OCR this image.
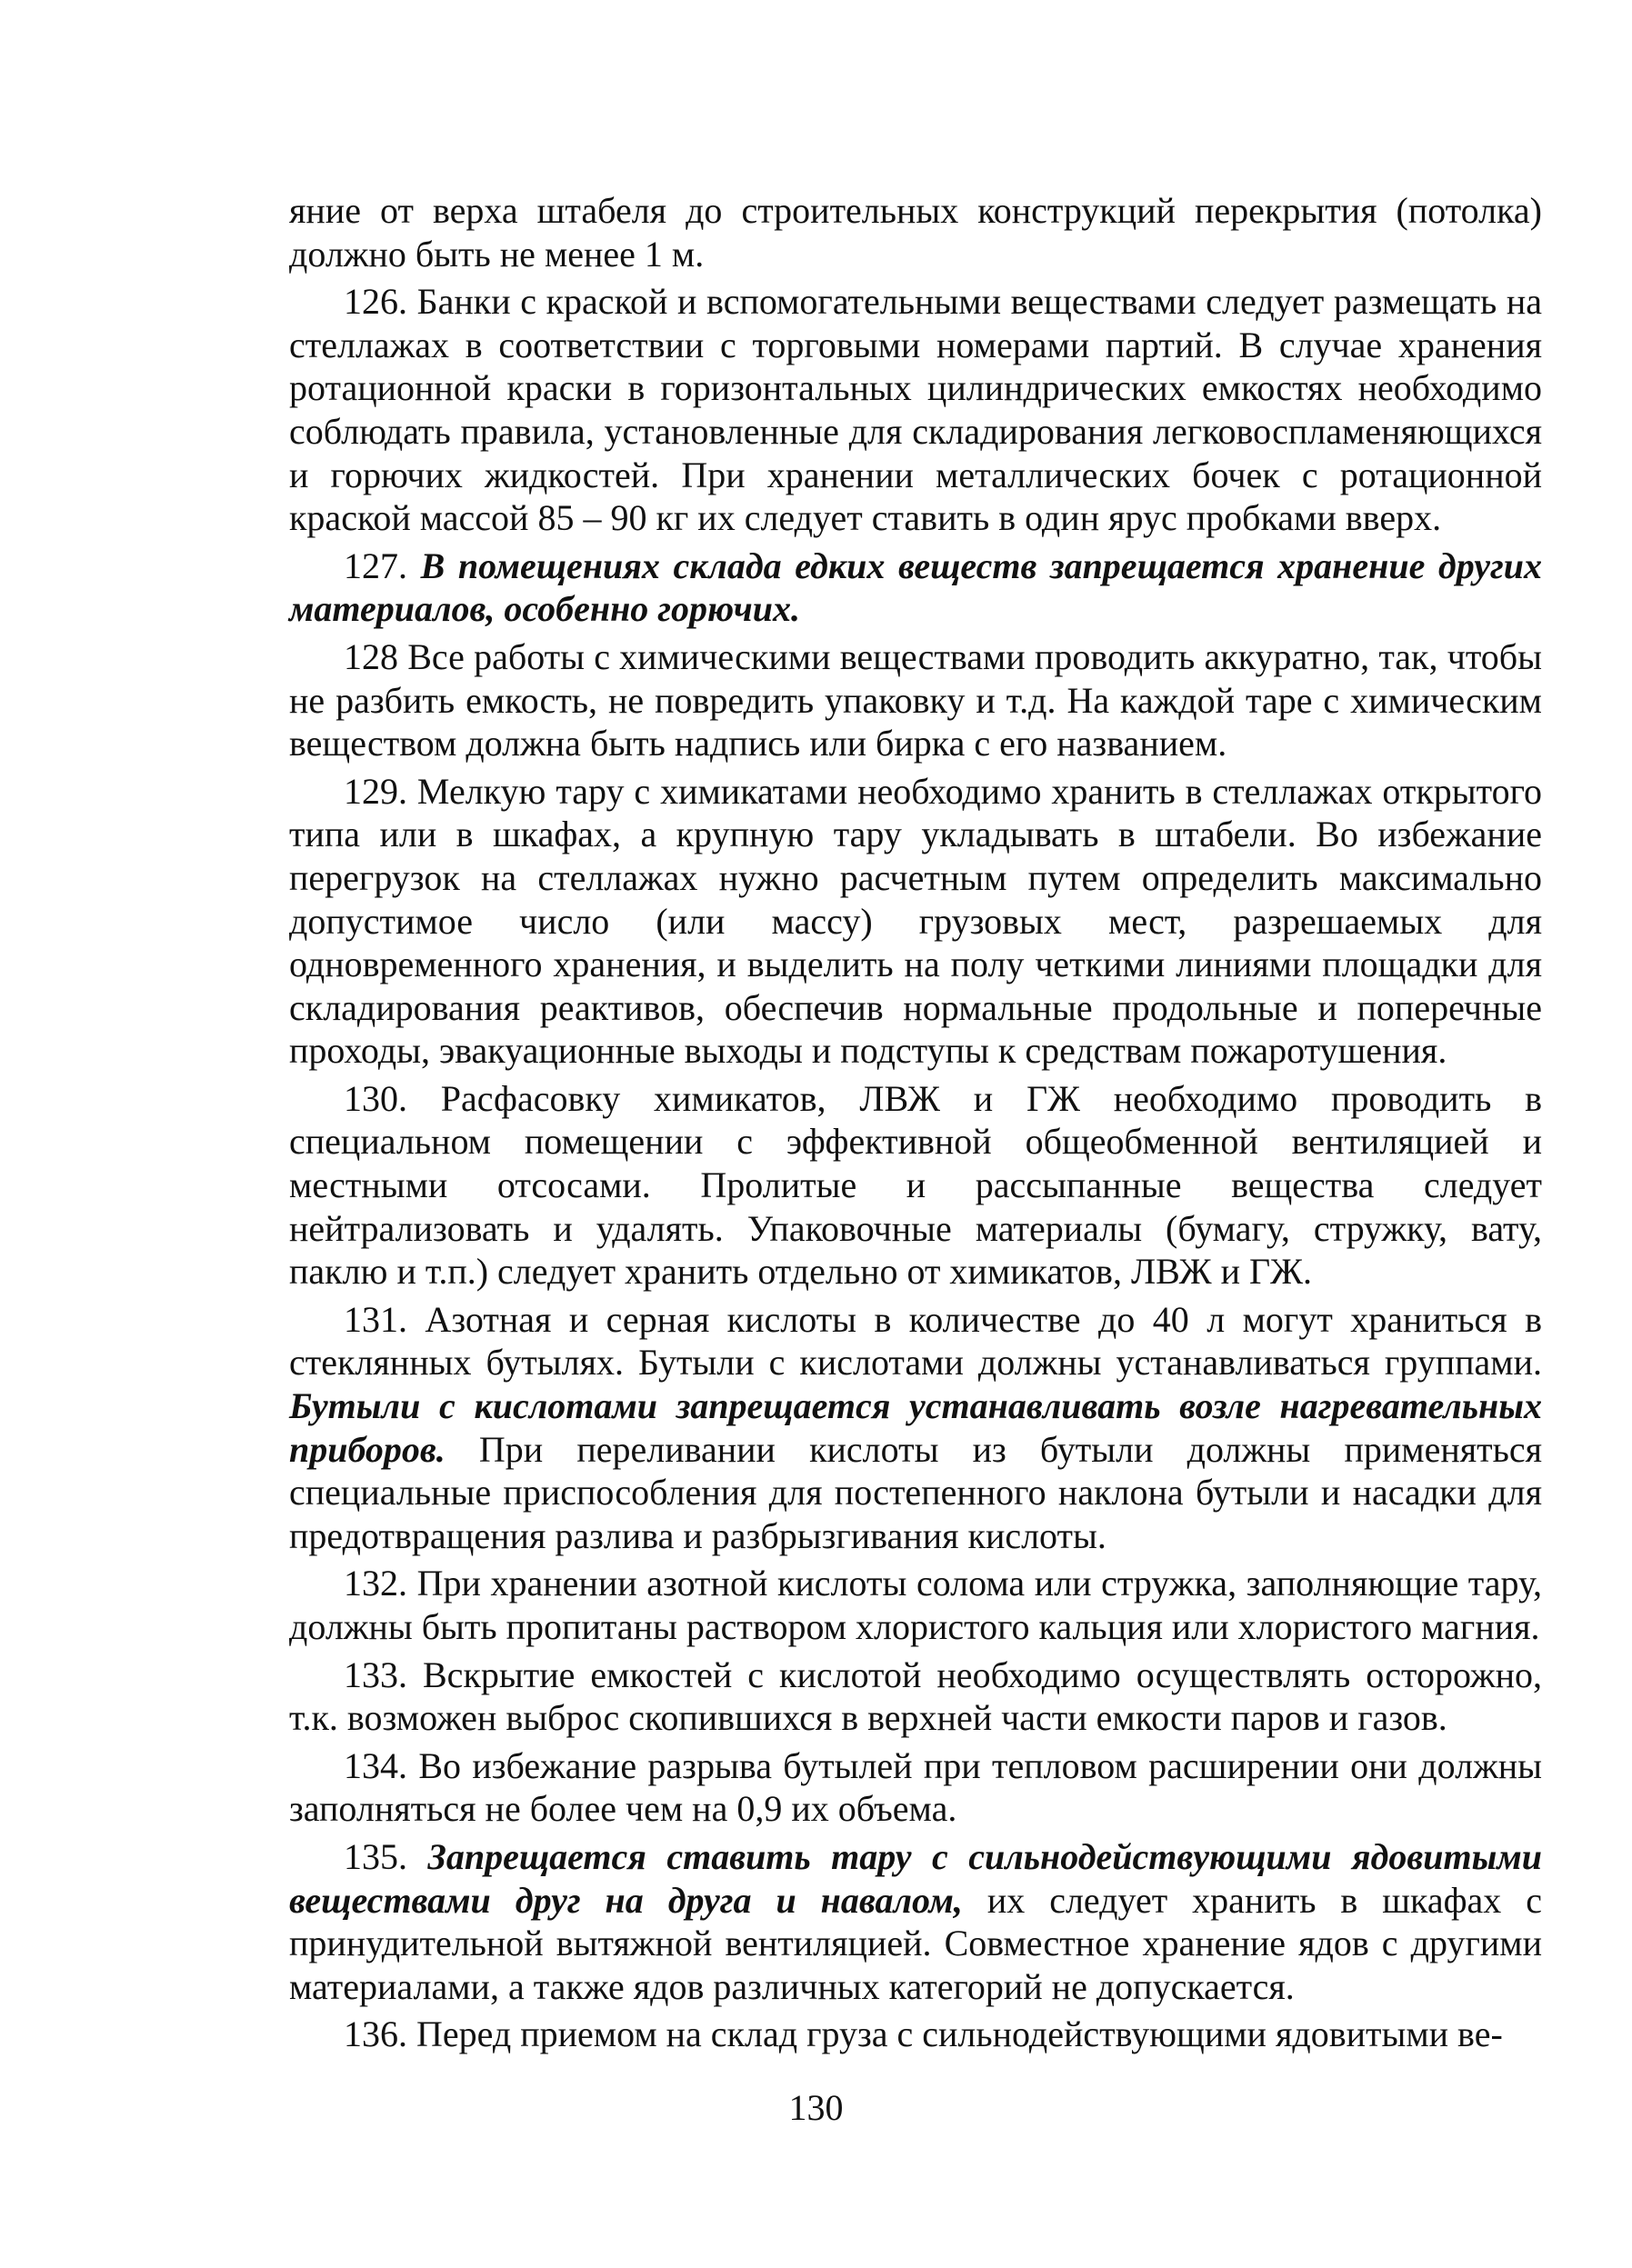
яние от верха штабеля до строительных конструкций перекрытия (потолка) должно быть не менее 1 м.

126. Банки с краской и вспомогательными веществами следует размещать на стеллажах в соответствии с торговыми номерами партий. В случае хранения ротационной краски в горизонтальных цилиндрических емкостях необходимо соблюдать правила, установленные для складирования легковоспламеняющихся и горючих жидкостей. При хранении металлических бочек с ротационной краской массой 85 – 90 кг их следует ставить в один ярус пробками вверх.

127. В помещениях склада едких веществ запрещается хранение других материалов, особенно горючих.

128 Все работы с химическими веществами проводить аккуратно, так, чтобы не разбить емкость, не повредить упаковку и т.д. На каждой таре с химическим веществом должна быть надпись или бирка с его названием.

129. Мелкую тару с химикатами необходимо хранить в стеллажах открытого типа или в шкафах, а крупную тару укладывать в штабели. Во избежание перегрузок на стеллажах нужно расчетным путем определить максимально допустимое число (или массу) грузовых мест, разрешаемых для одновременного хранения, и выделить на полу четкими линиями площадки для складирования реактивов, обеспечив нормальные продольные и поперечные проходы, эвакуационные выходы и подступы к средствам пожаротушения.

130. Расфасовку химикатов, ЛВЖ и ГЖ необходимо проводить в специальном помещении с эффективной общеобменной вентиляцией и местными отсосами. Пролитые и рассыпанные вещества следует нейтрализовать и удалять. Упаковочные материалы (бумагу, стружку, вату, паклю и т.п.) следует хранить отдельно от химикатов, ЛВЖ и ГЖ.

131. Азотная и серная кислоты в количестве до 40 л могут храниться в стеклянных бутылях. Бутыли с кислотами должны устанавливаться группами. Бутыли с кислотами запрещается устанавливать возле нагревательных приборов. При переливании кислоты из бутыли должны применяться специальные приспособления для постепенного наклона бутыли и насадки для предотвращения разлива и разбрызгивания кислоты.

132. При хранении азотной кислоты солома или стружка, заполняющие тару, должны быть пропитаны раствором хлористого кальция или хлористого магния.

133. Вскрытие емкостей с кислотой необходимо осуществлять осторожно, т.к. возможен выброс скопившихся в верхней части емкости паров и газов.

134. Во избежание разрыва бутылей при тепловом расширении они должны заполняться не более чем на 0,9 их объема.

135. Запрещается ставить тару с сильнодействующими ядовитыми веществами друг на друга и навалом, их следует хранить в шкафах с принудительной вытяжной вентиляцией. Совместное хранение ядов с другими материалами, а также ядов различных категорий не допускается.

136. Перед приемом на склад груза с сильнодействующими ядовитыми ве-

130
